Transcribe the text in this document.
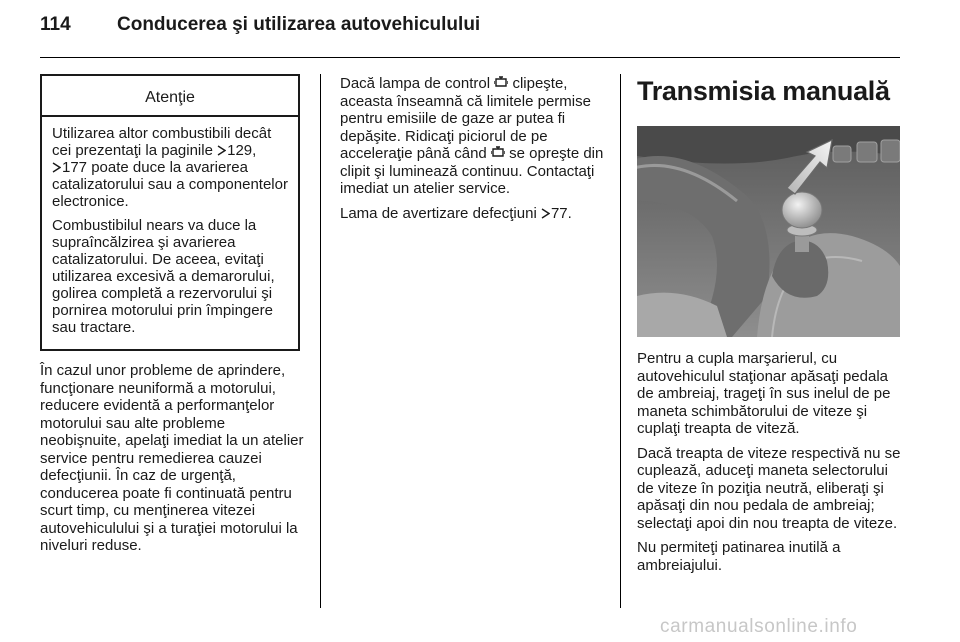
114 Conducerea şi utilizarea autovehiculului
Atenţie

Utilizarea altor combustibili decât cei prezentaţi la paginile 129,
177 poate duce la avarierea catalizatorului sau a componentelor electronice.

Combustibilul nears va duce la supraîncălzirea şi avarierea catalizatorului. De aceea, evitaţi utilizarea excesivă a demarorului, golirea completă a rezervorului şi pornirea motorului prin împingere sau tractare.

În cazul unor probleme de aprindere, funcţionare neuniformă a motorului, reducere evidentă a performanţelor motorului sau alte probleme neobişnuite, apelaţi imediat la un atelier service pentru remedierea cauzei defecţiunii. În caz de urgenţă, conducerea poate fi continuată pentru scurt timp, cu menţinerea vitezei autovehiculului şi a turaţiei motorului la niveluri reduse.

Dacă lampa de control clipeşte, aceasta înseamnă că limitele permise pentru emisiile de gaze ar putea fi depăşite. Ridicaţi piciorul de pe acceleraţie până când se opreşte din clipit şi luminează continuu. Contactaţi imediat un atelier service.

Lama de avertizare defecţiuni 77.

Transmisia manuală

Pentru a cupla marşarierul, cu autovehiculul staţionar apăsaţi pedala de ambreiaj, trageţi în sus inelul de pe maneta schimbătorului de viteze şi cuplaţi treapta de viteză.

Dacă treapta de viteze respectivă nu se cuplează, aduceţi maneta selectorului de viteze în poziţia neutră, eliberaţi şi apăsaţi din nou pedala de ambreiaj; selectaţi apoi din nou treapta de viteze.

Nu permiteţi patinarea inutilă a ambreiajului.

carmanualsonline.info
